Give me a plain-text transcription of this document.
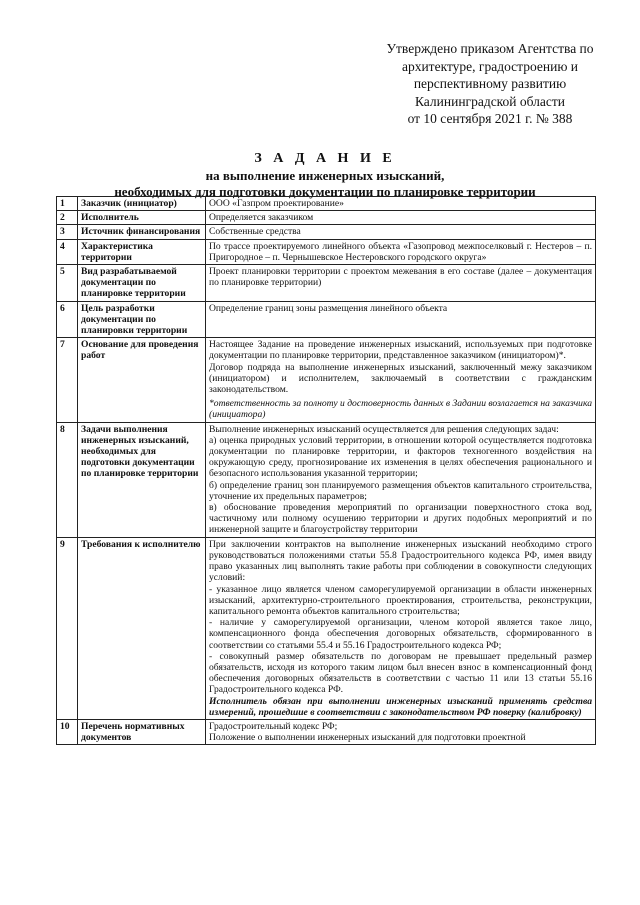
Утверждено приказом Агентства по
архитектуре, градостроению и
перспективному развитию
Калининградской области
от 10 сентября 2021 г. № 388
З А Д А Н И Е
на выполнение инженерных изысканий,
необходимых для подготовки документации по планировке территории
1	Заказчик (инициатор)	ООО «Газпром проектирование»

2	Исполнитель	Определяется заказчиком

3	Источник финансирования	Собственные средства

4	Характеристика территории	По трассе проектируемого линейного объекта «Газопровод межпоселковый г. Нестеров – п. Пригородное – п. Чернышевское Нестеровского городского округа»

5	Вид разрабатываемой документации по планировке территории	Проект планировки территории с проектом межевания в его составе (далее – документация по планировке территории)

6	Цель разработки документации по планировки территории	Определение границ зоны размещения линейного объекта

7	Основание для проведения работ	Настоящее Задание на проведение инженерных изысканий, используемых при подготовке документации по планировке территории, представленное заказчиком (инициатором)*.

Договор подряда на выполнение инженерных изысканий, заключенный межу заказчиком (инициатором) и исполнителем, заключаемый в соответствии с гражданским законодательством.

*ответственность за полноту и достоверность данных в Задании возлагается на заказчика (инициатора)

8	Задачи выполнения инженерных изысканий, необходимых для подготовки документации по планировке территории	Выполнение инженерных изысканий осуществляется для решения следующих задач:

а) оценка природных условий территории, в отношении которой осуществляется подготовка документации по планировке территории, и факторов техногенного воздействия на окружающую среду, прогнозирование их изменения в целях обеспечения рационального и безопасного использования указанной территории;

б) определение границ зон планируемого размещения объектов капитального строительства, уточнение их предельных параметров;

в) обоснование проведения мероприятий по организации поверхностного стока вод, частичному или полному осушению территории и других подобных мероприятий и по инженерной защите и благоустройству территории

9	Требования к исполнителю	При заключении контрактов на выполнение инженерных изысканий необходимо строго руководствоваться положениями статьи 55.8 Градостроительного кодекса РФ, имея ввиду право указанных лиц выполнять такие работы при соблюдении в совокупности следующих условий:

- указанное лицо является членом саморегулируемой организации в области инженерных изысканий, архитектурно-строительного проектирования, строительства, реконструкции, капитального ремонта объектов капитального строительства;

- наличие у саморегулируемой организации, членом которой является такое лицо, компенсационного фонда обеспечения договорных обязательств, сформированного в соответствии со статьями 55.4 и 55.16 Градостроительного кодекса РФ;

- совокупный размер обязательств по договорам не превышает предельный размер обязательств, исходя из которого таким лицом был внесен взнос в компенсационный фонд обеспечения договорных обязательств в соответствии с частью 11 или 13 статьи 55.16 Градостроительного кодекса РФ.

Исполнитель обязан при выполнении инженерных изысканий применять средства измерений, прошедшие в соответствии с законодательством РФ поверку (калибровку)

10	Перечень нормативных документов	Градостроительный кодекс РФ;

Положение о выполнении инженерных изысканий для подготовки проектной
